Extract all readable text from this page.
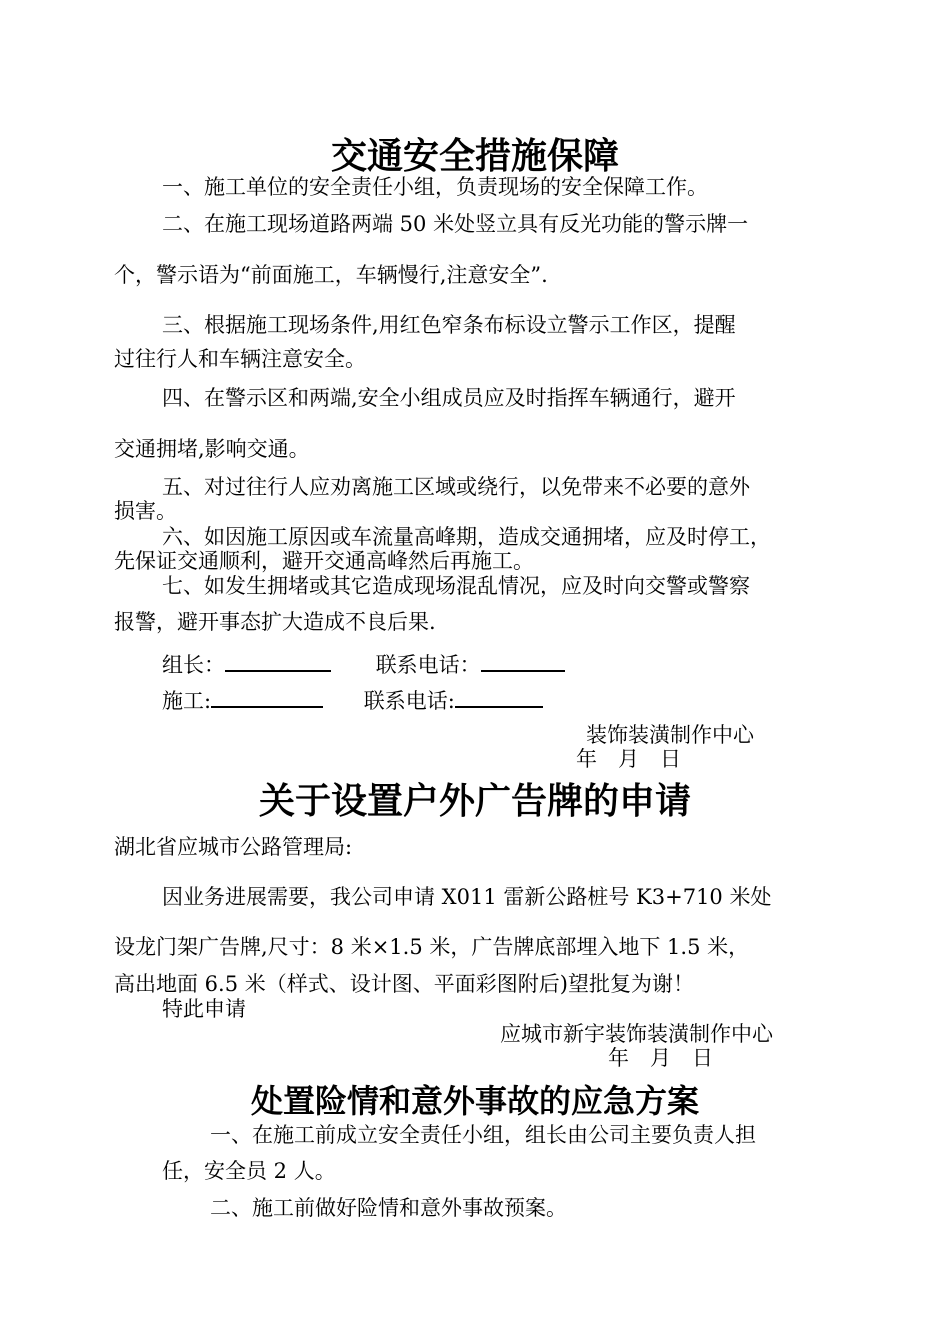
交通安全措施保障
一、施工单位的安全责任小组，负责现场的安全保障工作。
二、在施工现场道路两端 50 米处竖立具有反光功能的警示牌一
个，警示语为“前面施工，车辆慢行,注意安全”.
三、根据施工现场条件,用红色窄条布标设立警示工作区，提醒
过往行人和车辆注意安全。
四、在警示区和两端,安全小组成员应及时指挥车辆通行，避开
交通拥堵,影响交通。
五、对过往行人应劝离施工区域或绕行，以免带来不必要的意外
损害。
六、如因施工原因或车流量高峰期，造成交通拥堵，应及时停工，
先保证交通顺利，避开交通高峰然后再施工。
七、如发生拥堵或其它造成现场混乱情况，应及时向交警或警察
报警，避开事态扩大造成不良后果.
组长：	联系电话：
施工:	联系电话:
装饰装潢制作中心
年　月　日
关于设置户外广告牌的申请
湖北省应城市公路管理局:
因业务进展需要，我公司申请 X011 雷新公路桩号 K3+710 米处
设龙门架广告牌,尺寸：8 米×1.5 米，广告牌底部埋入地下 1.5 米，
高出地面 6.5 米（样式、设计图、平面彩图附后)望批复为谢！
特此申请
应城市新宇装饰装潢制作中心
年　月　日
处置险情和意外事故的应急方案
一、在施工前成立安全责任小组，组长由公司主要负责人担
任，安全员 2 人。
二、施工前做好险情和意外事故预案。
